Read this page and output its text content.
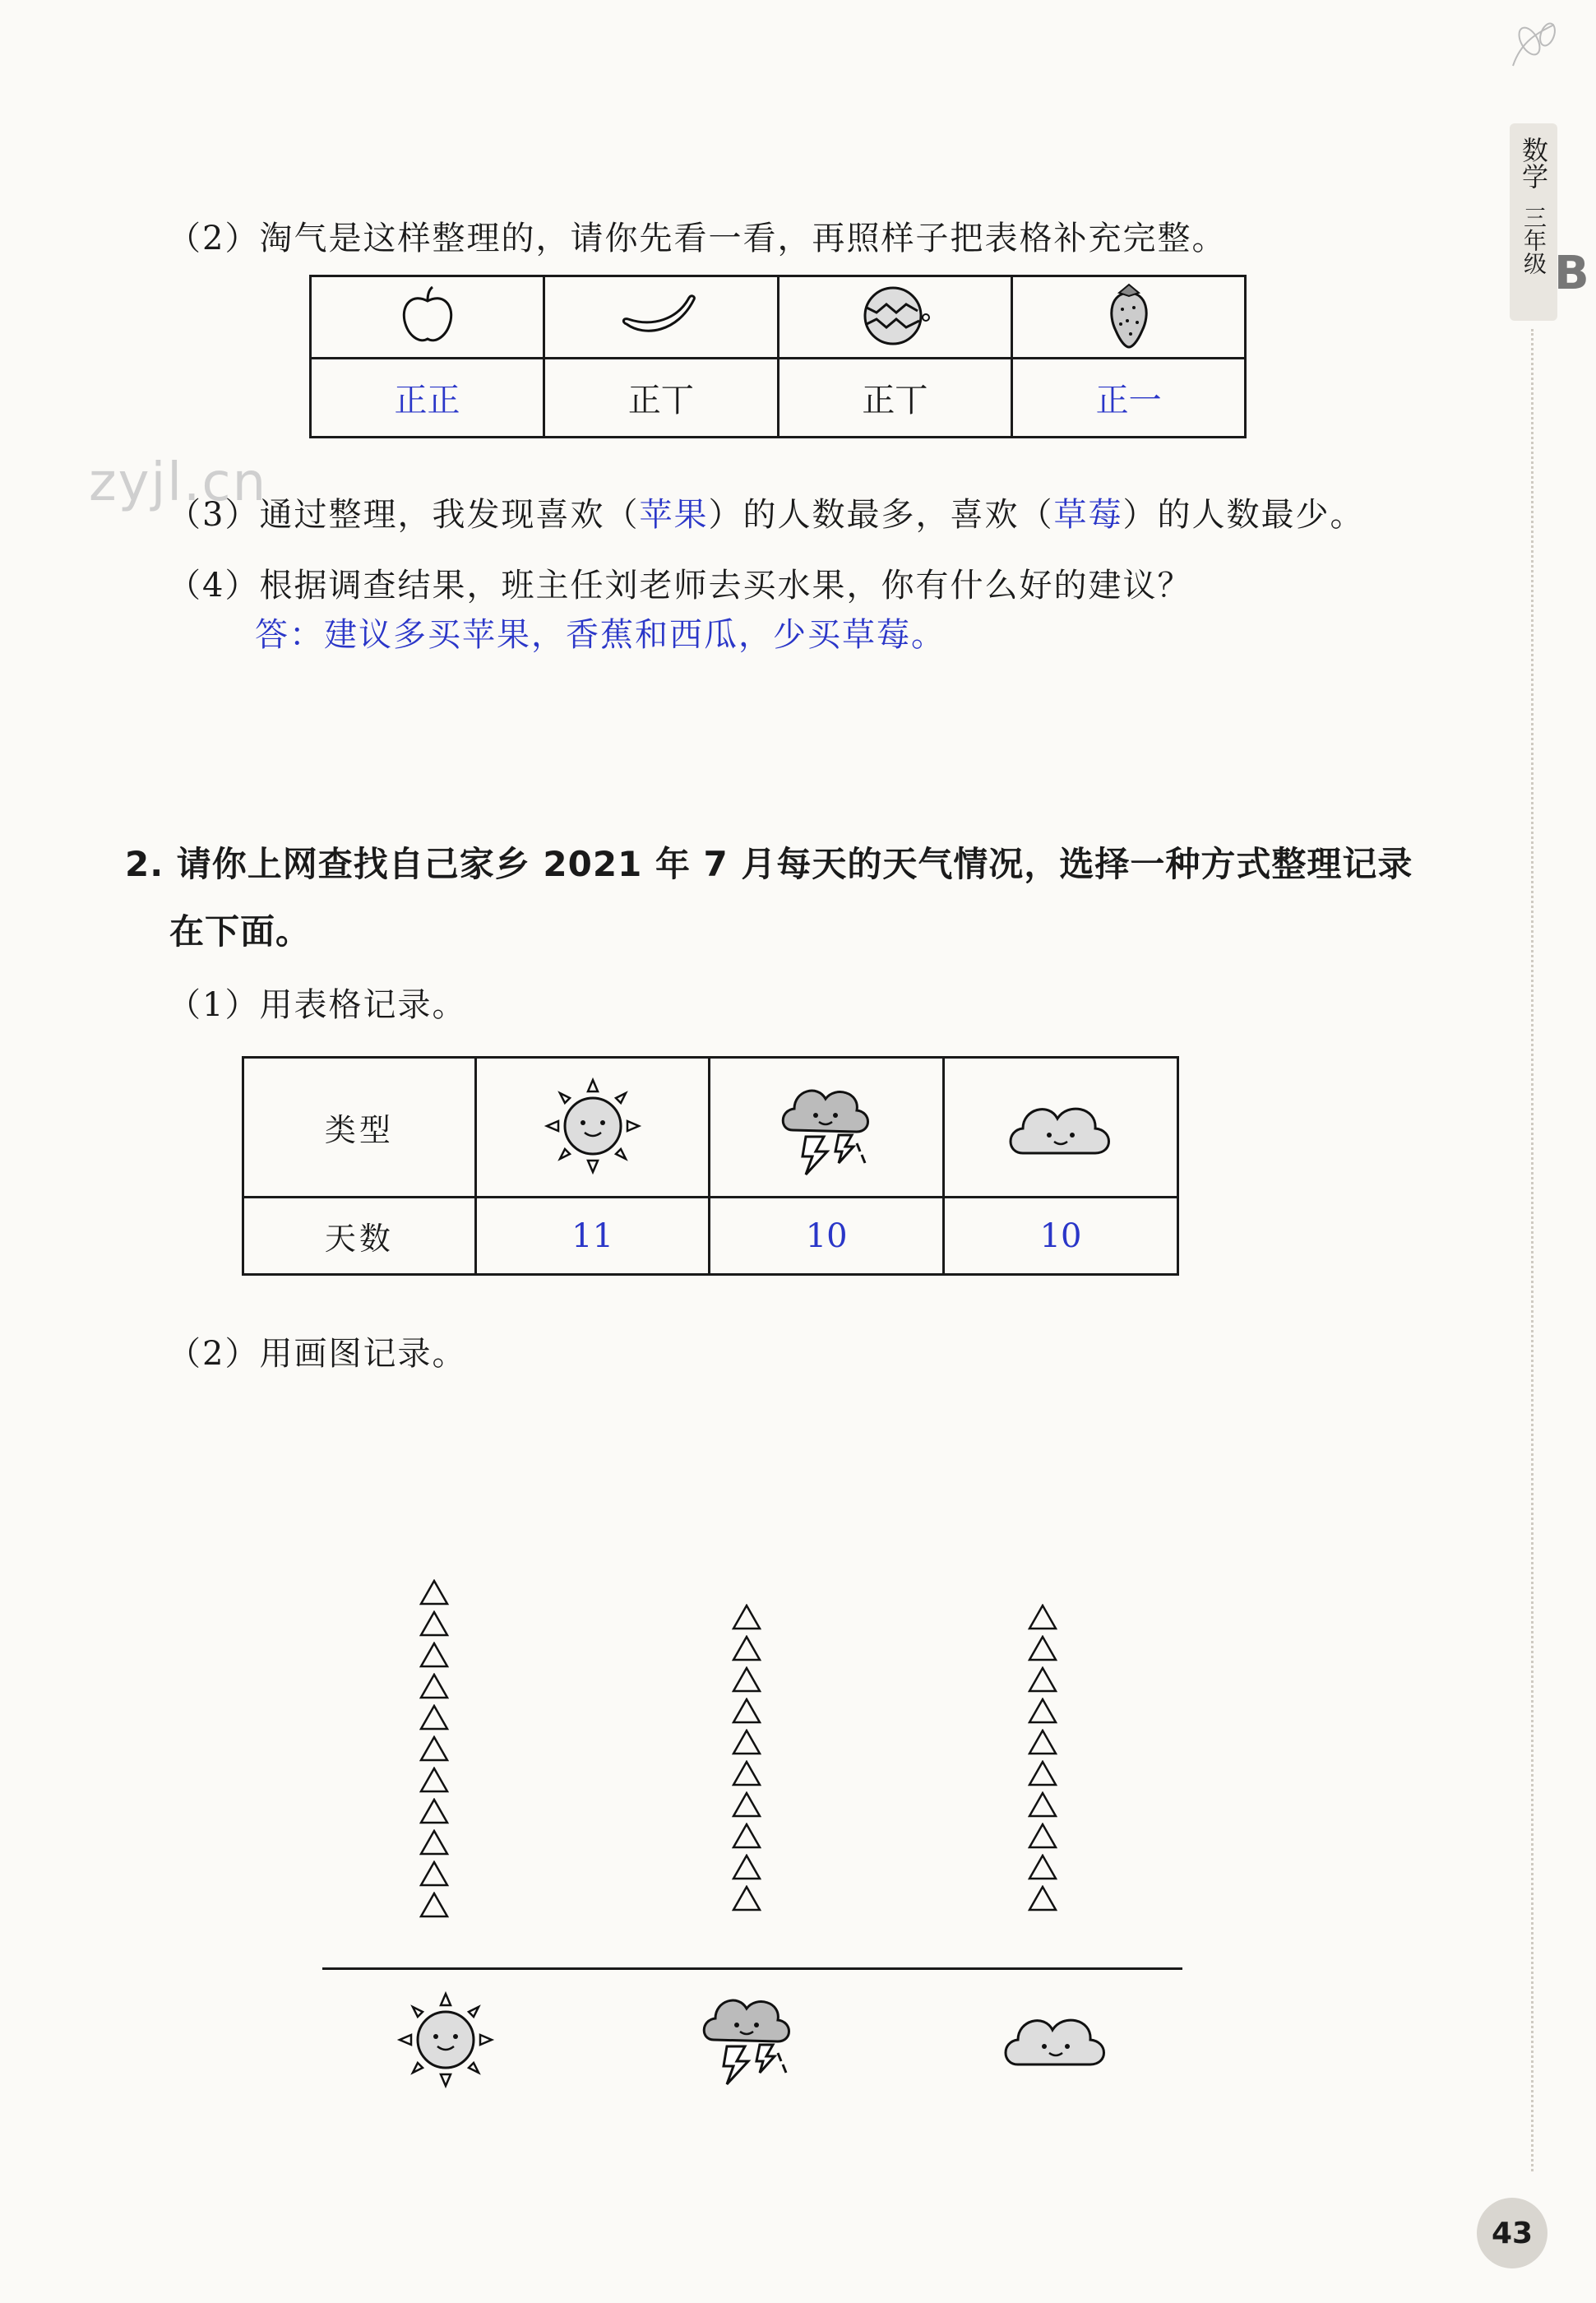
数学
三年级 B
zyjl.cn
（2）淘气是这样整理的，请你先看一看，再照样子把表格补充完整。

正正	正丅	正丅	正一
（3）通过整理，我发现喜欢（苹果）的人数最多，喜欢（草莓）的人数最少。
（4）根据调查结果，班主任刘老师去买水果，你有什么好的建议？
答：建议多买苹果，香蕉和西瓜，少买草莓。
2. 请你上网查找自己家乡 2021 年 7 月每天的天气情况，选择一种方式整理记录
在下面。
（1）用表格记录。
类型			
天数	11	10	10
（2）用画图记录。
43
